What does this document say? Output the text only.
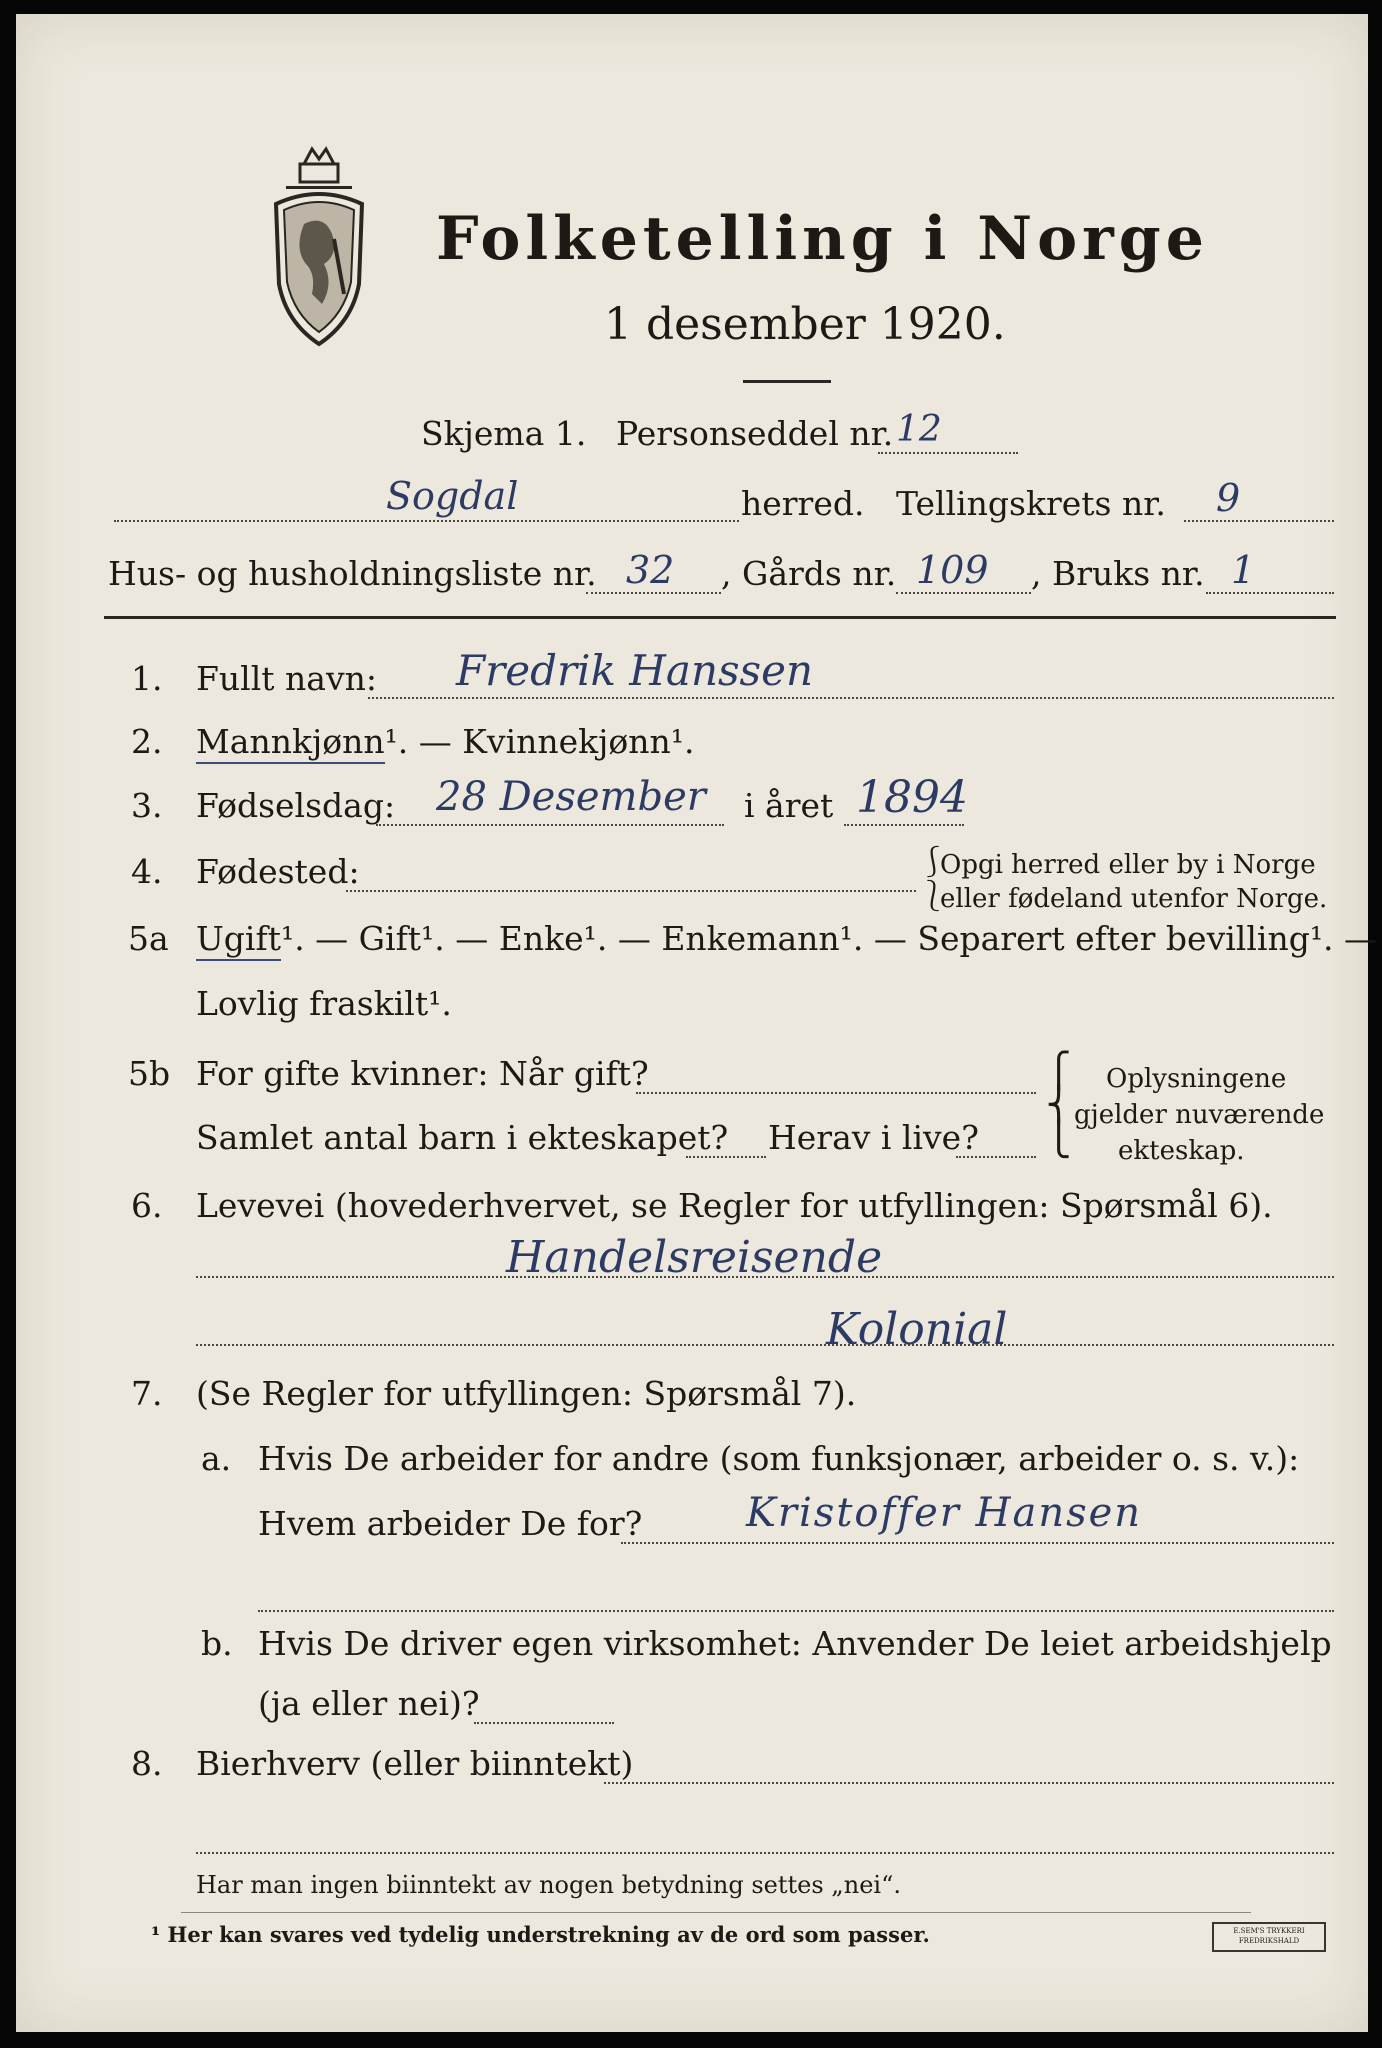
Folketelling i Norge
1 desember 1920.
Skjema 1. Personseddel nr. 12
Sogdal	herred. Tellingskrets nr. 9
Hus- og husholdningsliste nr. 32 , Gårds nr. 109 , Bruks nr. 1
1. Fullt navn: Fredrik Hanssen
2. Mannkjønn¹. — Kvinnekjønn¹.
3. Fødselsdag: 28 Desember i året 1894
4. Fødested:	⎰
⎱
Opgi herred eller by i Norge
eller fødeland utenfor Norge.
5a Ugift¹. — Gift¹. — Enke¹. — Enkemann¹. — Separert efter bevilling¹. —
Lovlig fraskilt¹.
5b For gifte kvinner: Når gift?
Samlet antal barn i ekteskapet? Herav i live?
⎧
⎨
⎩
Oplysningene
gjelder nuværende
ekteskap.
6. Levevei (hovederhvervet, se Regler for utfyllingen: Spørsmål 6).
Handelsreisende
Kolonial
7. (Se Regler for utfyllingen: Spørsmål 7).
a. Hvis De arbeider for andre (som funksjonær, arbeider o. s. v.):
Hvem arbeider De for?	Kristoffer Hansen
b. Hvis De driver egen virksomhet: Anvender De leiet arbeidshjelp
(ja eller nei)?
8. Bierhverv (eller biinntekt)
Har man ingen biinntekt av nogen betydning settes „nei“.
¹ Her kan svares ved tydelig understrekning av de ord som passer.	E.SEM'S TRYKKERI FREDRIKSHALD
